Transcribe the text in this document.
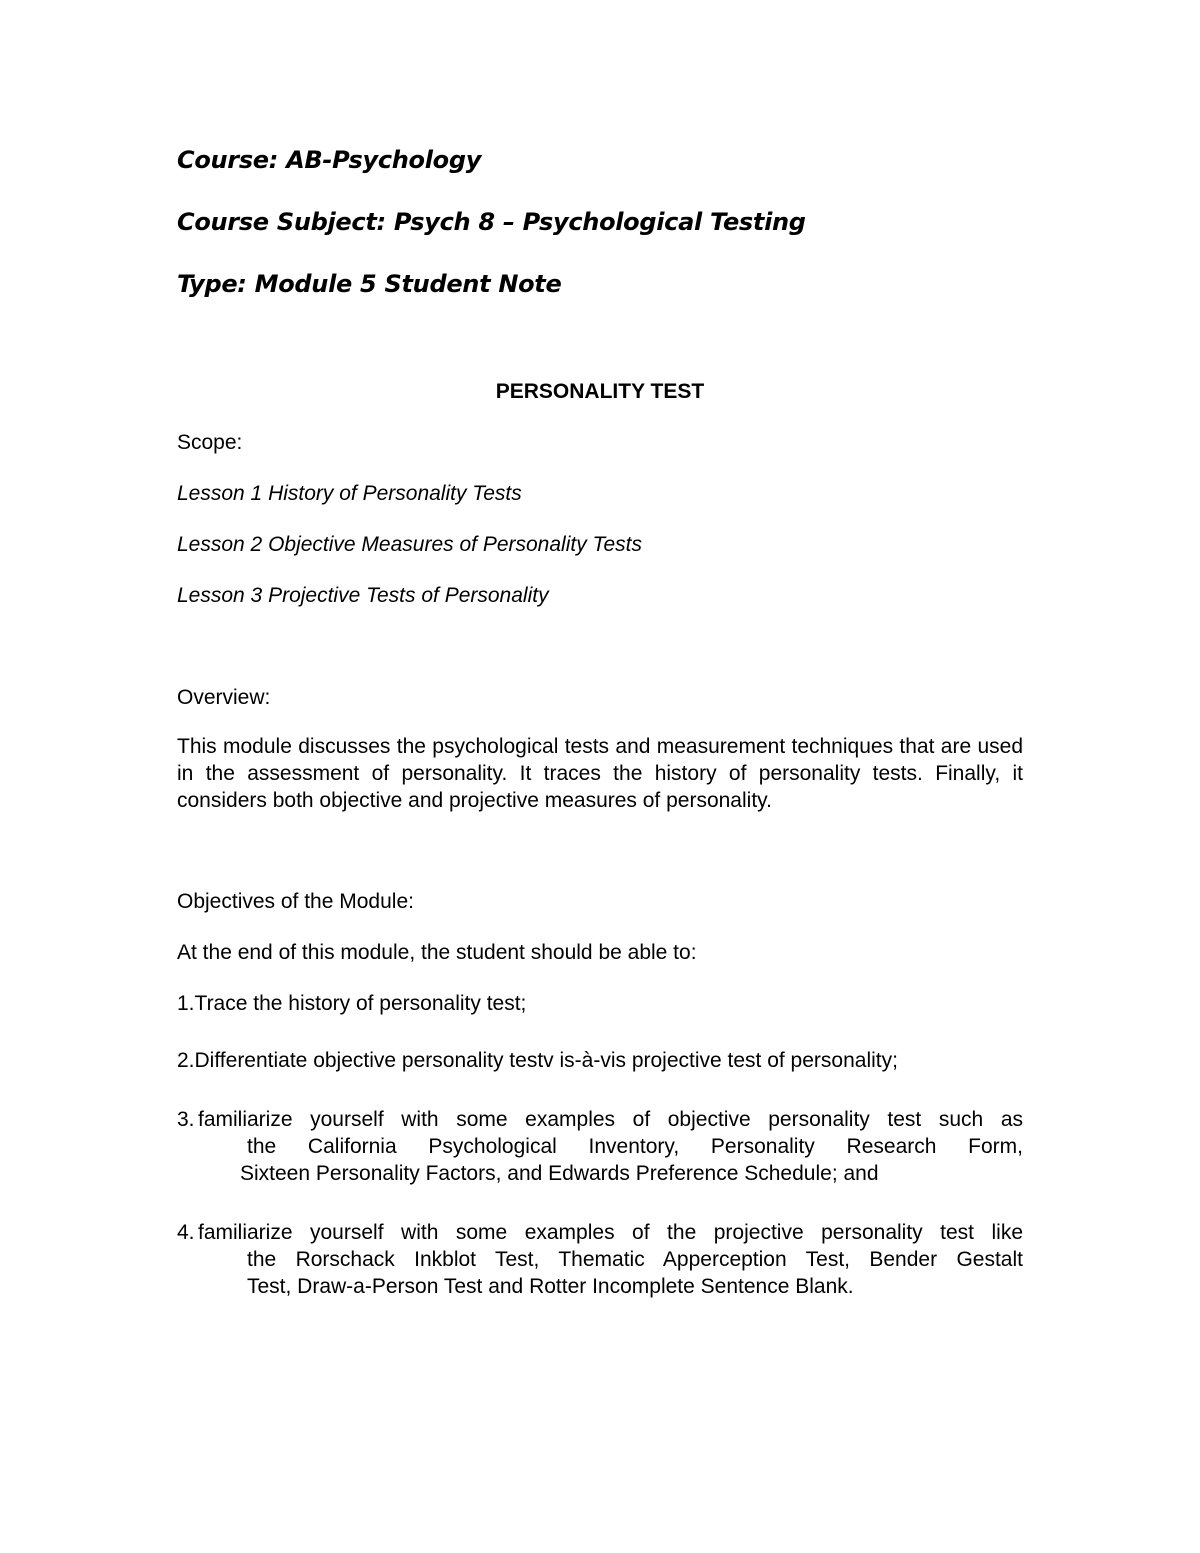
Course: AB-Psychology
Course Subject: Psych 8 – Psychological Testing
Type: Module 5 Student Note
PERSONALITY TEST
Scope:
Lesson 1 History of Personality Tests
Lesson 2 Objective Measures of Personality Tests
Lesson 3 Projective Tests of Personality
Overview:
This module discusses the psychological tests and measurement techniques that are used in the assessment of personality. It traces the history of personality tests. Finally, it considers both objective and projective measures of personality.
Objectives of the Module:
At the end of this module, the student should be able to:
1.Trace the history of personality test;
2.Differentiate objective personality testv is-à-vis projective test of personality;
3. familiarize yourself with some examples of objective personality test such as
the California Psychological Inventory, Personality Research Form,
Sixteen Personality Factors, and Edwards Preference Schedule; and
4. familiarize yourself with some examples of the projective personality test like
the Rorschack Inkblot Test, Thematic Apperception Test, Bender Gestalt
Test, Draw-a-Person Test and Rotter Incomplete Sentence Blank.
